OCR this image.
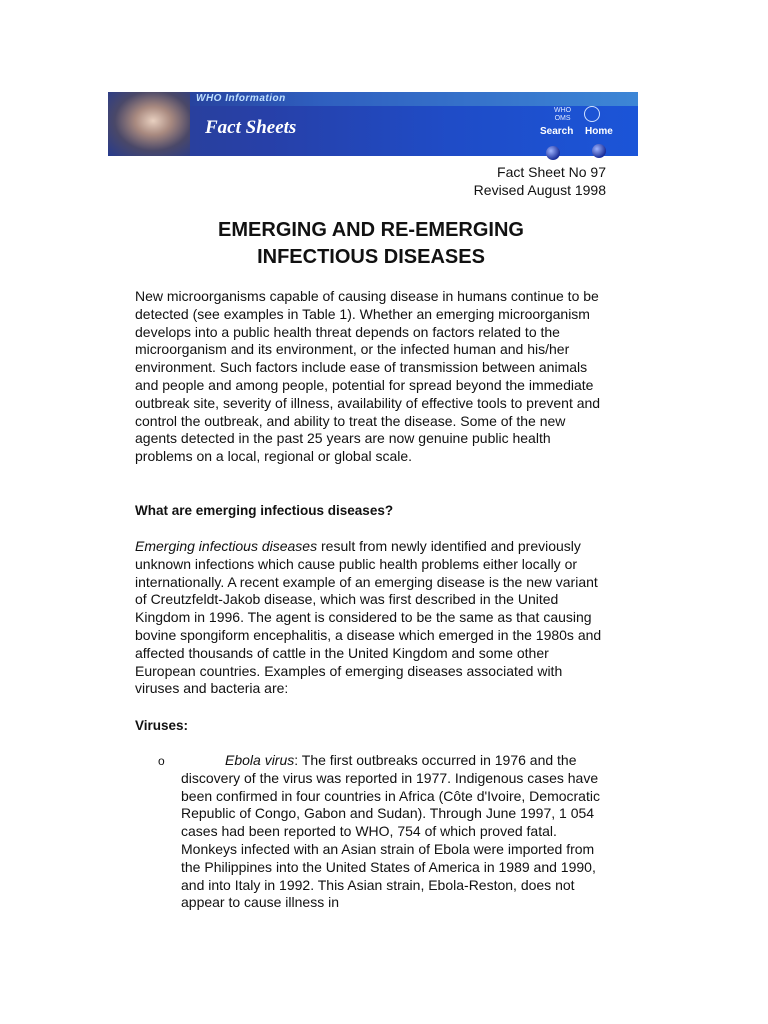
WHO Information
Fact Sheets
WHO
OMS
Search Home
Fact Sheet No 97
Revised August 1998
EMERGING AND RE-EMERGING
INFECTIOUS DISEASES

New microorganisms capable of causing disease in humans continue to be detected (see examples in Table 1). Whether an emerging microorganism develops into a public health threat depends on factors related to the microorganism and its environment, or the infected human and his/her environment. Such factors include ease of transmission between animals and people and among people, potential for spread beyond the immediate outbreak site, severity of illness, availability of effective tools to prevent and control the outbreak, and ability to treat the disease. Some of the new agents detected in the past 25 years are now genuine public health problems on a local, regional or global scale.

What are emerging infectious diseases?

Emerging infectious diseases result from newly identified and previously unknown infections which cause public health problems either locally or internationally. A recent example of an emerging disease is the new variant of Creutzfeldt-Jakob disease, which was first described in the United Kingdom in 1996. The agent is considered to be the same as that causing bovine spongiform encephalitis, a disease which emerged in the 1980s and affected thousands of cattle in the United Kingdom and some other European countries. Examples of emerging diseases associated with viruses and bacteria are:

Viruses:
o	Ebola virus: The first outbreaks occurred in 1976 and the discovery of the virus was reported in 1977. Indigenous cases have been confirmed in four countries in Africa (Côte d'Ivoire, Democratic Republic of Congo, Gabon and Sudan). Through June 1997, 1 054 cases had been reported to WHO, 754 of which proved fatal. Monkeys infected with an Asian strain of Ebola were imported from the Philippines into the United States of America in 1989 and 1990, and into Italy in 1992. This Asian strain, Ebola-Reston, does not appear to cause illness in
